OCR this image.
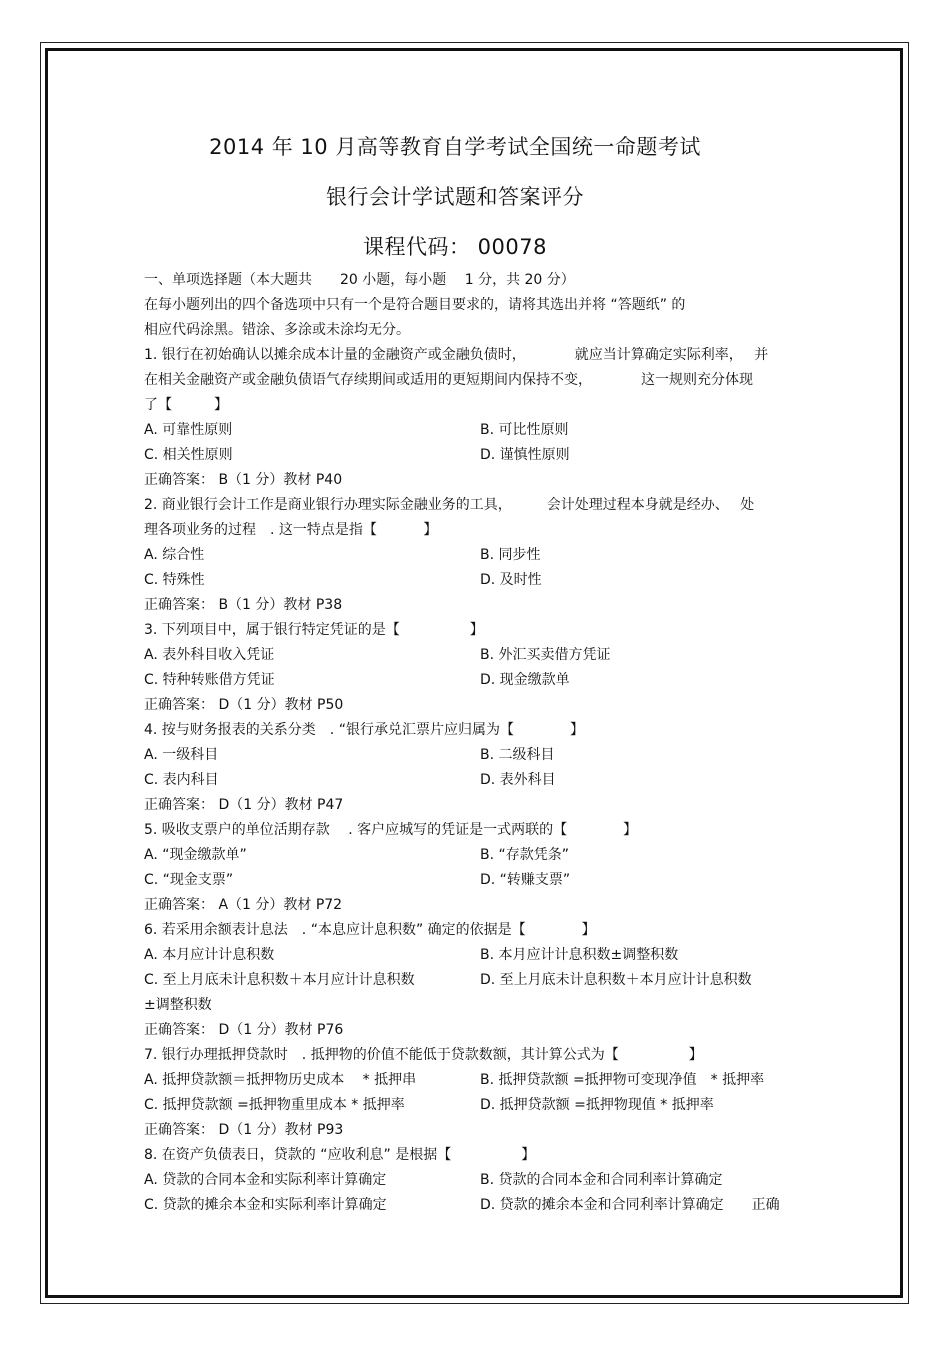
2014 年 10 月高等教育自学考试全国统一命题考试
银行会计学试题和答案评分
课程代码： 00078
一、单项选择题（本大题共　　20 小题，每小题　 1 分，共 20 分）
在每小题列出的四个备选项中只有一个是符合题目要求的，请将其选出并将 “答题纸” 的
相应代码涂黑。错涂、多涂或未涂均无分。
1. 银行在初始确认以摊余成本计量的金融资产或金融负债时，　　　　就应当计算确定实际利率，　 并
在相关金融资产或金融负债语气存续期间或适用的更短期间内保持不变，　　　　这一规则充分体现
了【　　　】
A. 可靠性原则	B. 可比性原则
C. 相关性原则	D. 谨慎性原则
正确答案： B（1 分）教材 P40
2. 商业银行会计工作是商业银行办理实际金融业务的工具，　　　会计处理过程本身就是经办、　 处
理各项业务的过程　. 这一特点是指【　　　 】
A. 综合性	B. 同步性
C. 特殊性	D. 及时性
正确答案： B（1 分）教材 P38
3. 下列项目中，属于银行特定凭证的是【　　　　　】
A. 表外科目收入凭证	B. 外汇买卖借方凭证
C. 特种转账借方凭证	D. 现金缴款单
正确答案： D（1 分）教材 P50
4. 按与财务报表的关系分类　. “银行承兑汇票片应归属为【　　　　】
A. 一级科目	B. 二级科目
C. 表内科目	D. 表外科目
正确答案： D（1 分）教材 P47
5. 吸收支票户的单位活期存款　 . 客户应城写的凭证是一式两联的【　　　　】
A. “现金缴款单”	B. “存款凭条”
C. “现金支票”	D. “转赚支票”
正确答案： A（1 分）教材 P72
6. 若采用余额表计息法　. “本息应计息积数” 确定的依据是【　　　　】
A. 本月应计计息积数	B. 本月应计计息积数±调整积数
C. 至上月底未计息积数＋本月应计计息积数	D. 至上月底未计息积数＋本月应计计息积数
±调整积数
正确答案： D（1 分）教材 P76
7. 银行办理抵押贷款时　. 抵押物的价值不能低于贷款数额，其计算公式为【　　　　　】
A. 抵押贷款额＝抵押物历史成本　 * 抵押串	B. 抵押贷款额 =抵押物可变现净值　* 抵押率
C. 抵押贷款额 =抵押物重里成本 * 抵押率	D. 抵押贷款额 =抵押物现值 * 抵押率
正确答案： D（1 分）教材 P93
8. 在资产负债表日，贷款的 “应收利息” 是根据【　　　　　】
A. 贷款的合同本金和实际利率计算确定	B. 贷款的合同本金和合同利率计算确定
C. 贷款的摊余本金和实际利率计算确定	D. 贷款的摊余本金和合同利率计算确定　　正确
